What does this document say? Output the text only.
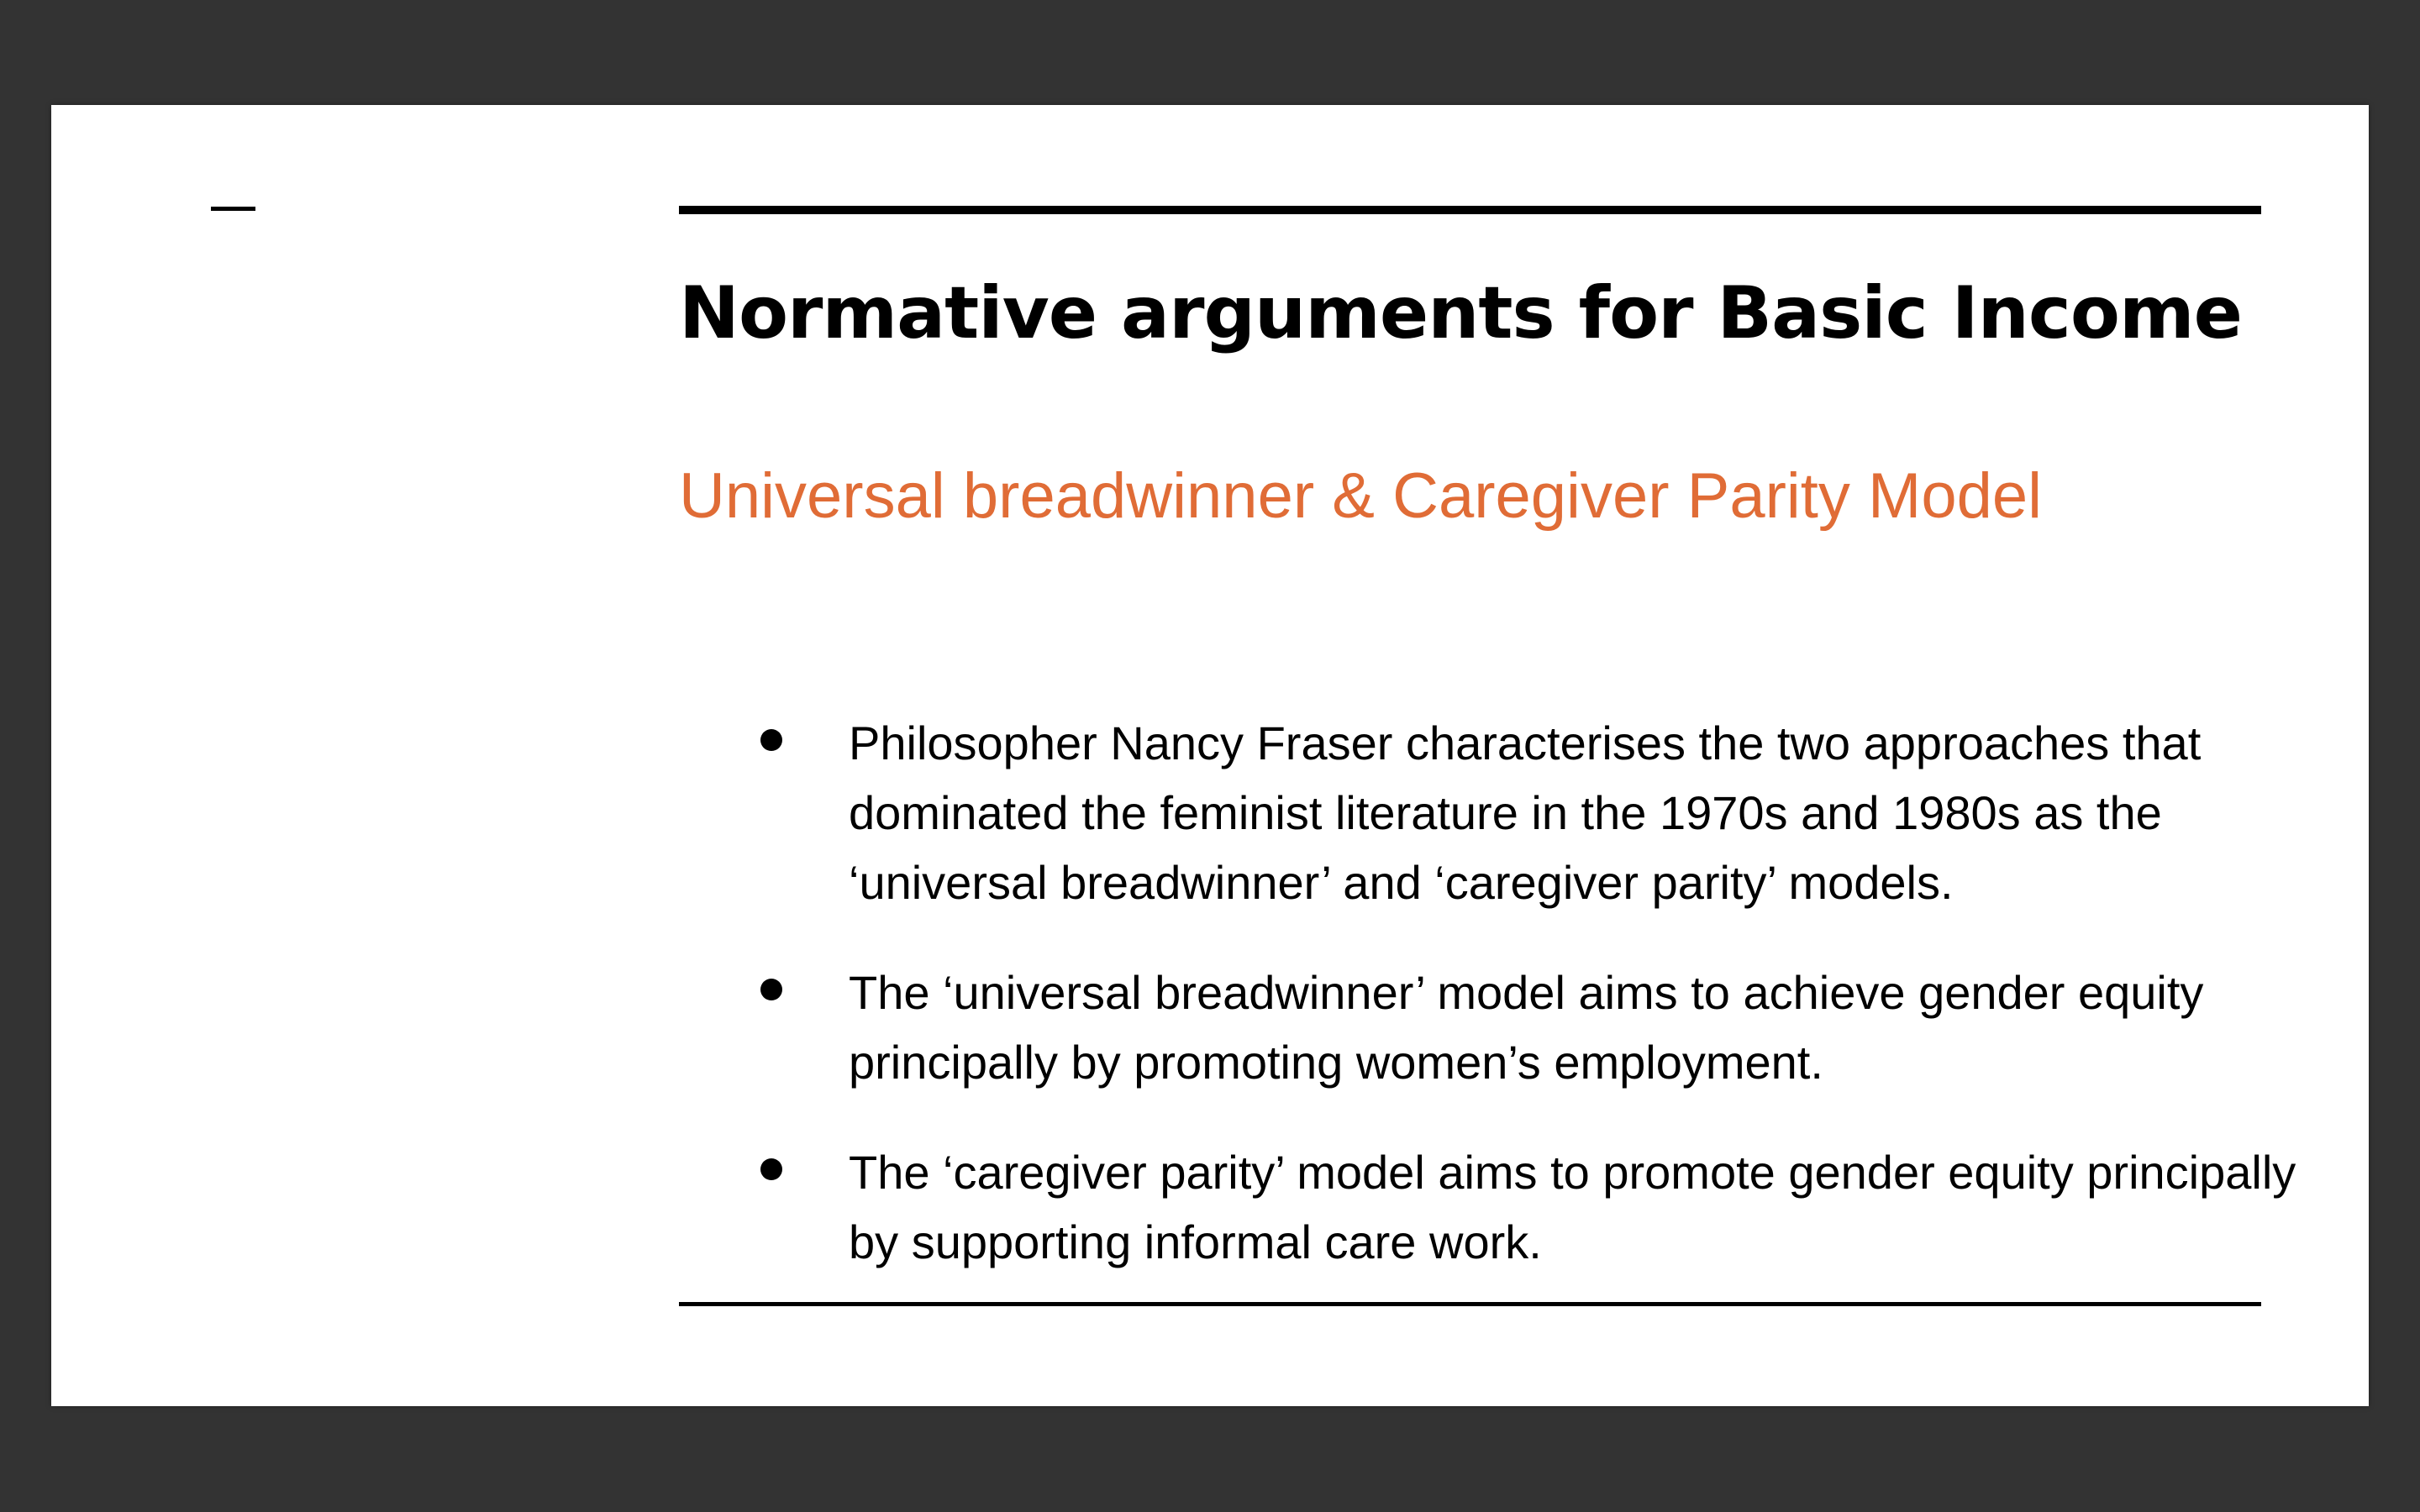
Normative arguments for Basic Income
Universal breadwinner & Caregiver Parity Model
Philosopher Nancy Fraser characterises the two approaches that dominated the feminist literature in the 1970s and 1980s as the ‘universal breadwinner’ and ‘caregiver parity’ models.
The ‘universal breadwinner’ model aims to achieve gender equity principally by promoting women’s employment.
The ‘caregiver parity’ model aims to promote gender equity principally by supporting informal care work.
